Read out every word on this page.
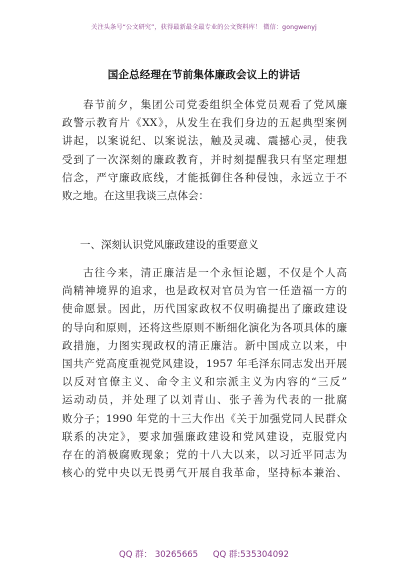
关注头条号“公文研究”，获得最新最全最专业的公文资料库！ 微信：gongwenyj
国企总经理在节前集体廉政会议上的讲话
春节前夕，集团公司党委组织全体党员观看了党风廉
政警示教育片《XX》，从发生在我们身边的五起典型案例
讲起，以案说纪、以案说法，触及灵魂、震撼心灵，使我
受到了一次深刻的廉政教育，并时刻提醒我只有坚定理想
信念，严守廉政底线，才能抵御住各种侵蚀，永远立于不
败之地。在这里我谈三点体会：
一、深刻认识党风廉政建设的重要意义
古往今来，清正廉洁是一个永恒论题，不仅是个人高
尚精神境界的追求，也是政权对官员为官一任造福一方的
使命愿景。因此，历代国家政权不仅明确提出了廉政建设
的导向和原则，还将这些原则不断细化演化为各项具体的廉
政措施，力图实现政权的清正廉洁。新中国成立以来，中
国共产党高度重视党风建设，1957 年毛泽东同志发出开展
以反对官僚主义、命令主义和宗派主义为内容的“三反”
运动动员，并处理了以刘青山、张子善为代表的一批腐
败分子；1990 年党的十三大作出《关于加强党同人民群众
联系的决定》，要求加强廉政建设和党风建设，克服党内
存在的消极腐败现象；党的十八大以来，以习近平同志为
核心的党中央以无畏勇气开展自我革命，坚持标本兼治、
QQ 群： 30265665 QQ 群:535304092
